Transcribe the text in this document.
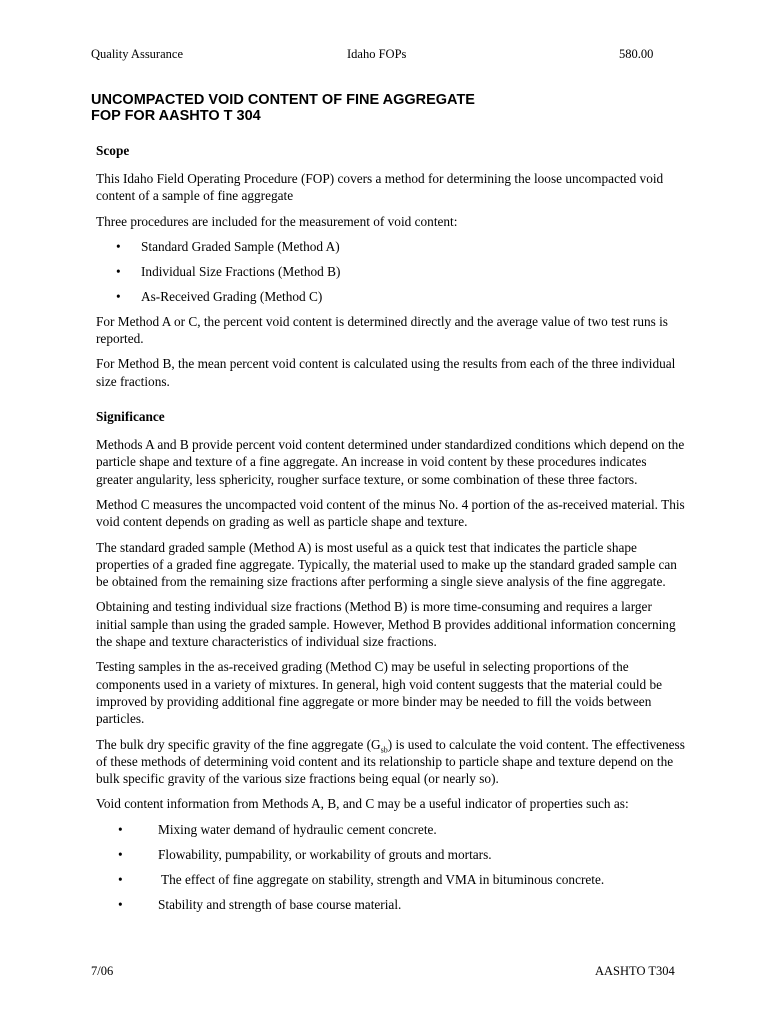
Quality Assurance	Idaho FOPs	580.00
UNCOMPACTED VOID CONTENT OF FINE AGGREGATE
FOP FOR AASHTO T 304
Scope

This Idaho Field Operating Procedure (FOP) covers a method for determining the loose uncompacted void content of a sample of fine aggregate

Three procedures are included for the measurement of void content:

• Standard Graded Sample (Method A)
• Individual Size Fractions (Method B)
• As-Received Grading (Method C)

For Method A or C, the percent void content is determined directly and the average value of two test runs is reported.

For Method B, the mean percent void content is calculated using the results from each of the three individual size fractions.

Significance

Methods A and B provide percent void content determined under standardized conditions which depend on the particle shape and texture of a fine aggregate. An increase in void content by these procedures indicates greater angularity, less sphericity, rougher surface texture, or some combination of these three factors.

Method C measures the uncompacted void content of the minus No. 4 portion of the as-received material. This void content depends on grading as well as particle shape and texture.

The standard graded sample (Method A) is most useful as a quick test that indicates the particle shape properties of a graded fine aggregate. Typically, the material used to make up the standard graded sample can be obtained from the remaining size fractions after performing a single sieve analysis of the fine aggregate.

Obtaining and testing individual size fractions (Method B) is more time-consuming and requires a larger initial sample than using the graded sample. However, Method B provides additional information concerning the shape and texture characteristics of individual size fractions.

Testing samples in the as-received grading (Method C) may be useful in selecting proportions of the components used in a variety of mixtures. In general, high void content suggests that the material could be improved by providing additional fine aggregate or more binder may be needed to fill the voids between particles.

The bulk dry specific gravity of the fine aggregate $(G_{sb})$ is used to calculate the void content. The effectiveness of these methods of determining void content and its relationship to particle shape and texture depend on the bulk specific gravity of the various size fractions being equal (or nearly so).

Void content information from Methods A, B, and C may be a useful indicator of properties such as:

•	Mixing water demand of hydraulic cement concrete.
•	Flowability, pumpability, or workability of grouts and mortars.
•	The effect of fine aggregate on stability, strength and VMA in bituminous concrete.
•	Stability and strength of base course material.
7/06	AASHTO T304
